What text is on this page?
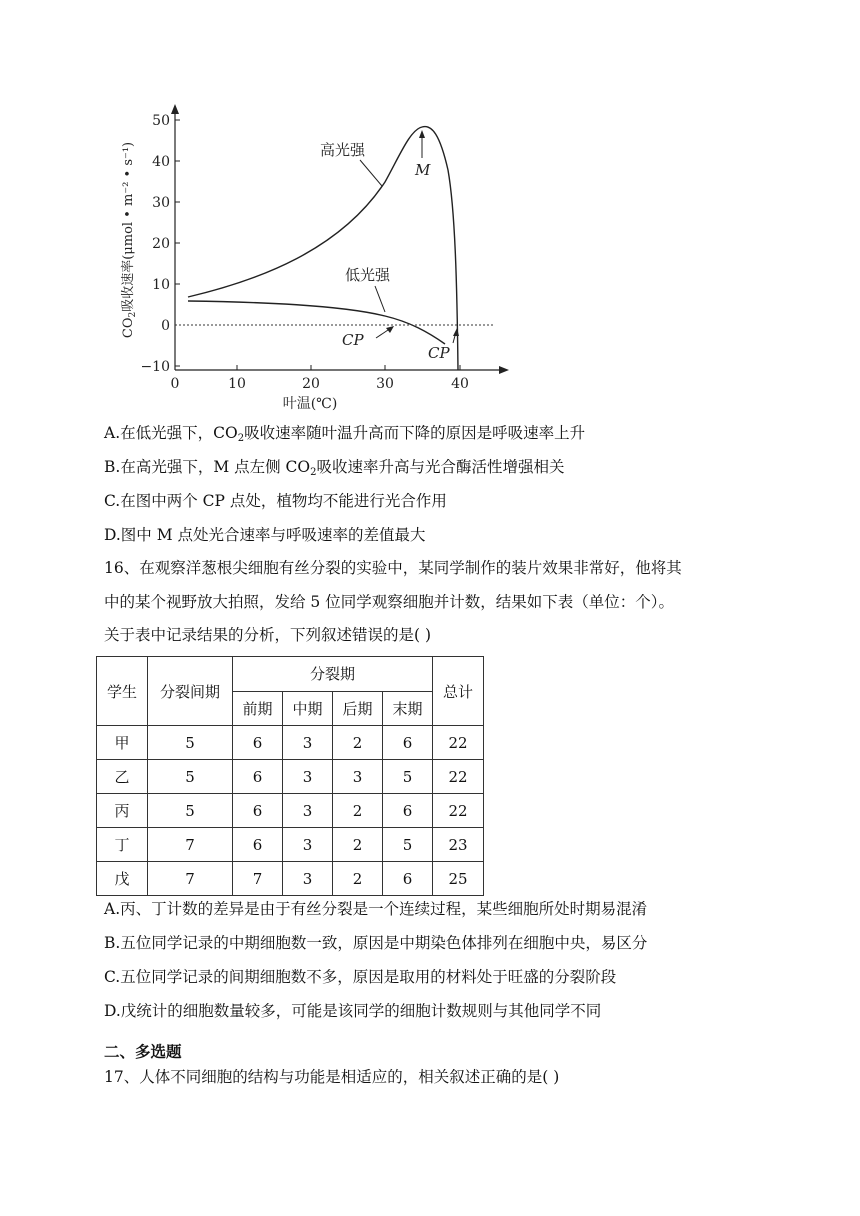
50
40
30
20
10
0
−10
0	10	20	30	40
叶温(℃)
$CO_2$吸收速率(μmol • m⁻² • s⁻¹)	高光强
低光强
M
CP
CP
A.在低光强下，$CO_2$吸收速率随叶温升高而下降的原因是呼吸速率上升
B.在高光强下，M 点左侧 $CO_2$吸收速率升高与光合酶活性增强相关
C.在图中两个 CP 点处，植物均不能进行光合作用
D.图中 M 点处光合速率与呼吸速率的差值最大
16、在观察洋葱根尖细胞有丝分裂的实验中，某同学制作的装片效果非常好，他将其
中的某个视野放大拍照，发给 5 位同学观察细胞并计数，结果如下表（单位：个）。
关于表中记录结果的分析，下列叙述错误的是( )
学生	分裂间期	分裂期				总计
		前期	中期	后期	末期	
甲	5	6	3	2	6	22
乙	5	6	3	3	5	22
丙	5	6	3	2	6	22
丁	7	6	3	2	5	23
戊	7	7	3	2	6	25
A.丙、丁计数的差异是由于有丝分裂是一个连续过程，某些细胞所处时期易混淆
B.五位同学记录的中期细胞数一致，原因是中期染色体排列在细胞中央，易区分
C.五位同学记录的间期细胞数不多，原因是取用的材料处于旺盛的分裂阶段
D.戊统计的细胞数量较多，可能是该同学的细胞计数规则与其他同学不同
二、多选题
17、人体不同细胞的结构与功能是相适应的，相关叙述正确的是( )
